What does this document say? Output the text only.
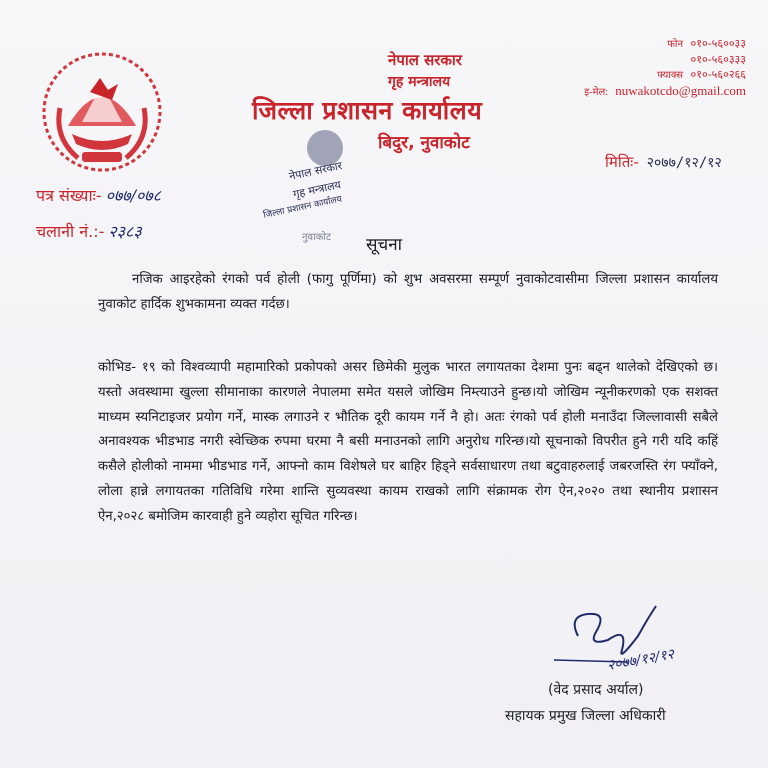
नेपाल सरकार
गृह मन्त्रालय
जिल्ला प्रशासन कार्यालय
बिदुर, नुवाकोट
फोन ०१०-५६००३३
०१०-५६०३३३
फ्याक्स ०१०-५६०२६६
इ-मेल: nuwakotcdo@gmail.com
नेपाल सरकार
गृह मन्त्रालय
जिल्ला प्रशासन कार्यालय
नुवाकोट
मितिः- २०७७/१२/१२
पत्र संख्याः- ०७७/०७८
चलानी नं.:- २३८३
सूचना
नजिक आइरहेको रंगको पर्व होली (फागु पूर्णिमा) को शुभ अवसरमा सम्पूर्ण नुवाकोटवासीमा जिल्ला प्रशासन कार्यालय नुवाकोट हार्दिक शुभकामना व्यक्त गर्दछ।
कोभिड- १९ को विश्वव्यापी महामारिको प्रकोपको असर छिमेकी मुलुक भारत लगायतका देशमा पुनः बढ्न थालेको देखिएको छ। यस्तो अवस्थामा खुल्ला सीमानाका कारणले नेपालमा समेत यसले जोखिम निम्त्याउने हुन्छ।यो जोखिम न्यूनीकरणको एक सशक्त माध्यम स्यनिटाइजर प्रयोग गर्ने, मास्क लगाउने र भौतिक दूरी कायम गर्ने नै हो। अतः रंगको पर्व होली मनाउँदा जिल्लावासी सबैले अनावश्यक भीडभाड नगरी स्वेच्छिक रुपमा घरमा नै बसी मनाउनको लागि अनुरोध गरिन्छ।यो सूचनाको विपरीत हुने गरी यदि कहिं कसैले होलीको नाममा भीडभाड गर्ने, आफ्नो काम विशेषले घर बाहिर हिड्ने सर्वसाधारण तथा बटुवाहरुलाई जबरजस्ति रंग फ्याँक्ने, लोला हान्ने लगायतका गतिविधि गरेमा शान्ति सुव्यवस्था कायम राखको लागि संक्रामक रोग ऐन,२०२० तथा स्थानीय प्रशासन ऐन,२०२८ बमोजिम कारवाही हुने व्यहोरा सूचित गरिन्छ।
२०७७/१२/१२
(वेद प्रसाद अर्याल)
सहायक प्रमुख जिल्ला अधिकारी
